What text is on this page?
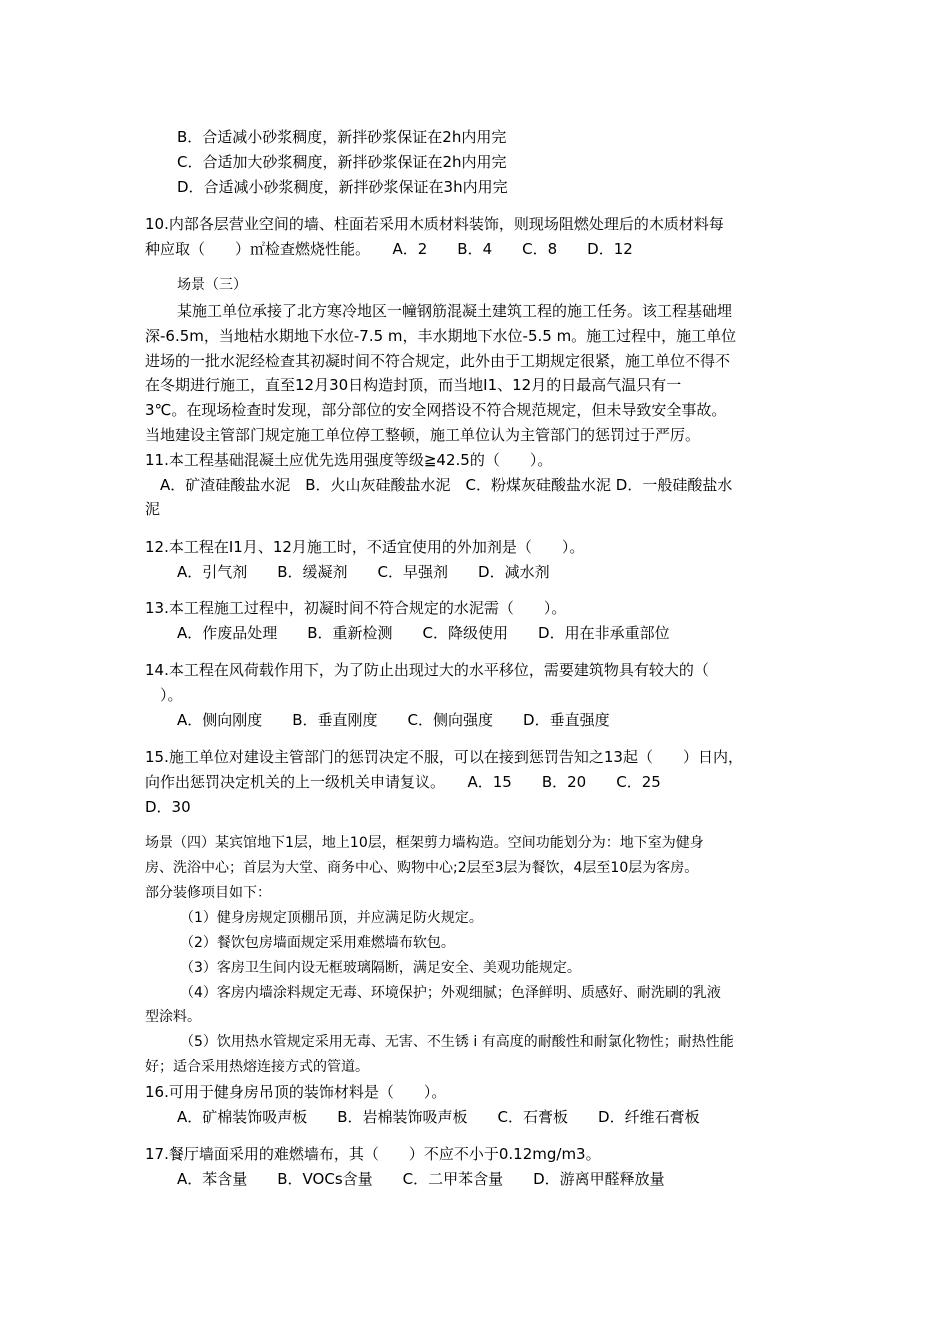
B．合适减小砂浆稠度，新拌砂浆保证在2h内用完
C．合适加大砂浆稠度，新拌砂浆保证在2h内用完
D．合适减小砂浆稠度，新拌砂浆保证在3h内用完
10.内部各层营业空间的墙、柱面若采用木质材料装饰，则现场阻燃处理后的木质材料每
种应取（　　）㎡检查燃烧性能。　　A．2　　B．4　　C．8　　D．12
场景（三）
某施工单位承接了北方寒冷地区一幢钢筋混凝土建筑工程的施工任务。该工程基础埋
深-6.5m，当地枯水期地下水位-7.5 m，丰水期地下水位-5.5 m。施工过程中，施工单位
进场的一批水泥经检查其初凝时间不符合规定，此外由于工期规定很紧，施工单位不得不
在冬期进行施工，直至12月30日构造封顶，而当地I1、12月的日最高气温只有一
3℃。在现场检查时发现，部分部位的安全网搭设不符合规范规定，但未导致安全事故。
当地建设主管部门规定施工单位停工整顿，施工单位认为主管部门的惩罚过于严厉。
11.本工程基础混凝土应优先选用强度等级≧42.5的（　　）。
A．矿渣硅酸盐水泥　B．火山灰硅酸盐水泥　C．粉煤灰硅酸盐水泥 D．一般硅酸盐水
泥
12.本工程在I1月、12月施工时，不适宜使用的外加剂是（　　）。
A．引气剂　　B．缓凝剂　　C．早强剂　　D．减水剂
13.本工程施工过程中，初凝时间不符合规定的水泥需（　　）。
A．作废品处理　　B．重新检测　　C．降级使用　　D．用在非承重部位
14.本工程在风荷载作用下，为了防止出现过大的水平移位，需要建筑物具有较大的（
）。
A．侧向刚度　　B．垂直刚度　　C．侧向强度　　D．垂直强度
15.施工单位对建设主管部门的惩罚决定不服，可以在接到惩罚告知之13起（　　）日内，
向作出惩罚决定机关的上一级机关申请复议。　　A．15　　B．20　　C．25
D．30
场景（四）某宾馆地下1层，地上10层，框架剪力墙构造。空间功能划分为：地下室为健身
房、洗浴中心；首层为大堂、商务中心、购物中心;2层至3层为餐饮，4层至10层为客房。
部分装修项目如下：
（1）健身房规定顶棚吊顶，并应满足防火规定。
（2）餐饮包房墙面规定采用难燃墙布软包。
（3）客房卫生间内设无框玻璃隔断，满足安全、美观功能规定。
（4）客房内墙涂料规定无毒、环境保护；外观细腻；色泽鲜明、质感好、耐洗刷的乳液
型涂料。
（5）饮用热水管规定采用无毒、无害、不生锈 i 有高度的耐酸性和耐氯化物性；耐热性能
好；适合采用热熔连接方式的管道。
16.可用于健身房吊顶的装饰材料是（　　）。
A．矿棉装饰吸声板　　B．岩棉装饰吸声板　　C．石膏板　　D．纤维石膏板
17.餐厅墙面采用的难燃墙布，其（　　）不应不小于0.12mg/m3。
A．苯含量　　B．VOCs含量　　C．二甲苯含量　　D．游离甲醛释放量
